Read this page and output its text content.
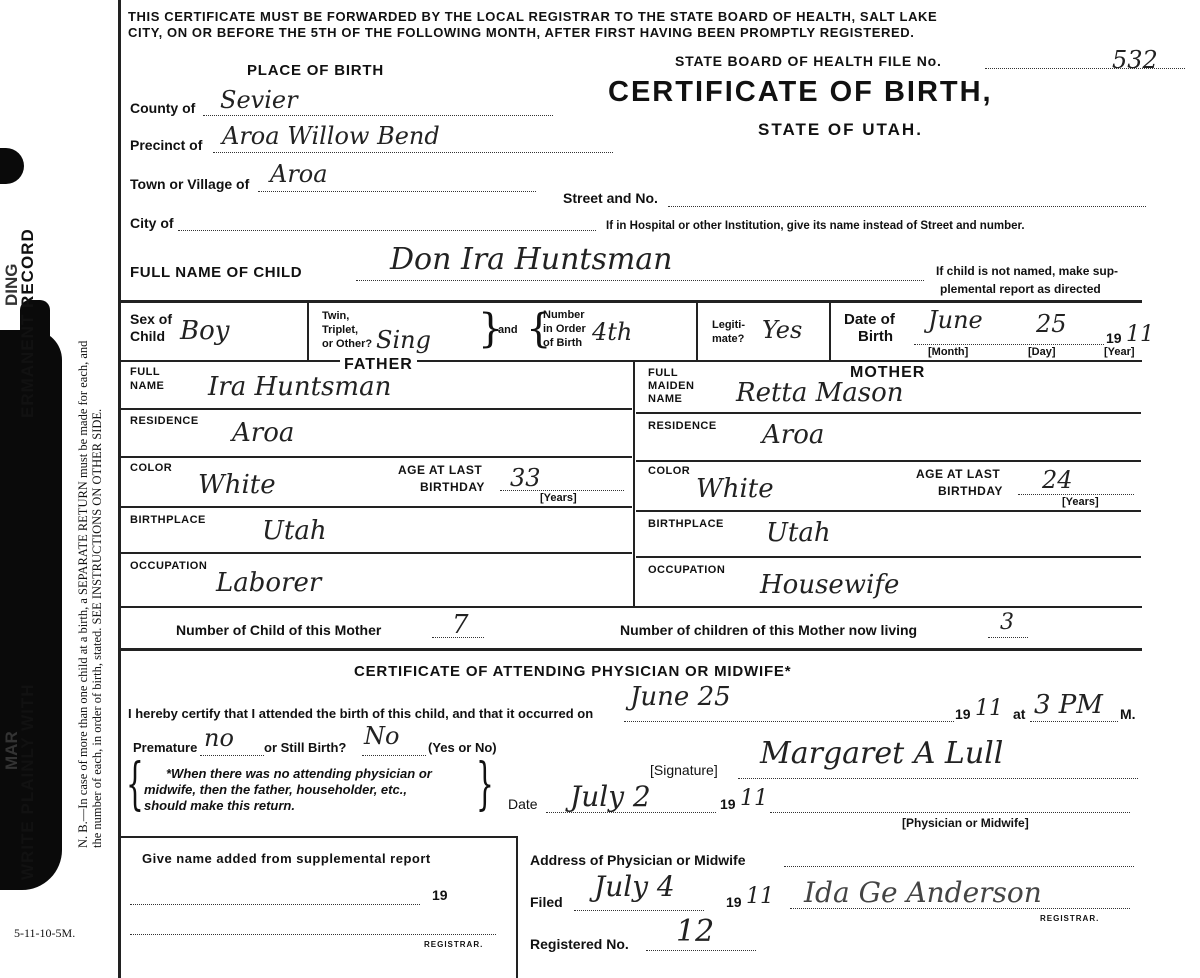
WRITE PLAINLY WITH
ERMANENT RECORD
MAR
DING
N. B.—In case of more than one child at a birth, a SEPARATE RETURN must be made for each, and the number of each, in order of birth, stated. SEE INSTRUCTIONS ON OTHER SIDE.
5-11-10-5M.
THIS CERTIFICATE MUST BE FORWARDED BY THE LOCAL REGISTRAR TO THE STATE BOARD OF HEALTH, SALT LAKE
CITY, ON OR BEFORE THE 5TH OF THE FOLLOWING MONTH, AFTER FIRST HAVING BEEN PROMPTLY REGISTERED.
STATE BOARD OF HEALTH FILE No.	532
CERTIFICATE OF BIRTH,
STATE OF UTAH.
PLACE OF BIRTH
County of Sevier
Precinct of Aroa Willow Bend
Town or Village of Aroa
Street and No.
City of	If in Hospital or other Institution, give its name instead of Street and number.
FULL NAME OF CHILD	Don Ira Huntsman	If child is not named, make sup-
plemental report as directed
Sex of
Child Boy	Twin,
Triplet,
or Other? Sing }
and {
Number
in Order
of Birth 4th	Legiti-
mate? Yes	Date of
Birth
June 25	19 11
[Month]	[Day]	[Year]
FATHER
FULL
NAME Ira Huntsman
RESIDENCE Aroa
COLOR
White	AGE AT LAST
BIRTHDAY 33
[Years]
BIRTHPLACE Utah
OCCUPATION
Laborer
MOTHER
FULL
MAIDEN
NAME Retta Mason
RESIDENCE Aroa
COLOR
White	AGE AT LAST
BIRTHDAY 24
[Years]
BIRTHPLACE Utah
OCCUPATION Housewife
Number of Child of this Mother	7	Number of children of this Mother now living	3
CERTIFICATE OF ATTENDING PHYSICIAN OR MIDWIFE*
I hereby certify that I attended the birth of this child, and that it occurred on
June 25
19 11 at 3 PM M.
Premature no or Still Birth? No (Yes or No)
{ *When there was no attending physician or
midwife, then the father, householder, etc.,
should make this return.	}	[Signature] Margaret A Lull
Date July 2	19 11
[Physician or Midwife]
Give name added from supplemental report
19
REGISTRAR.
Address of Physician or Midwife
Filed July 4	19 11 Ida Ge Anderson
REGISTRAR.
Registered No. 12
